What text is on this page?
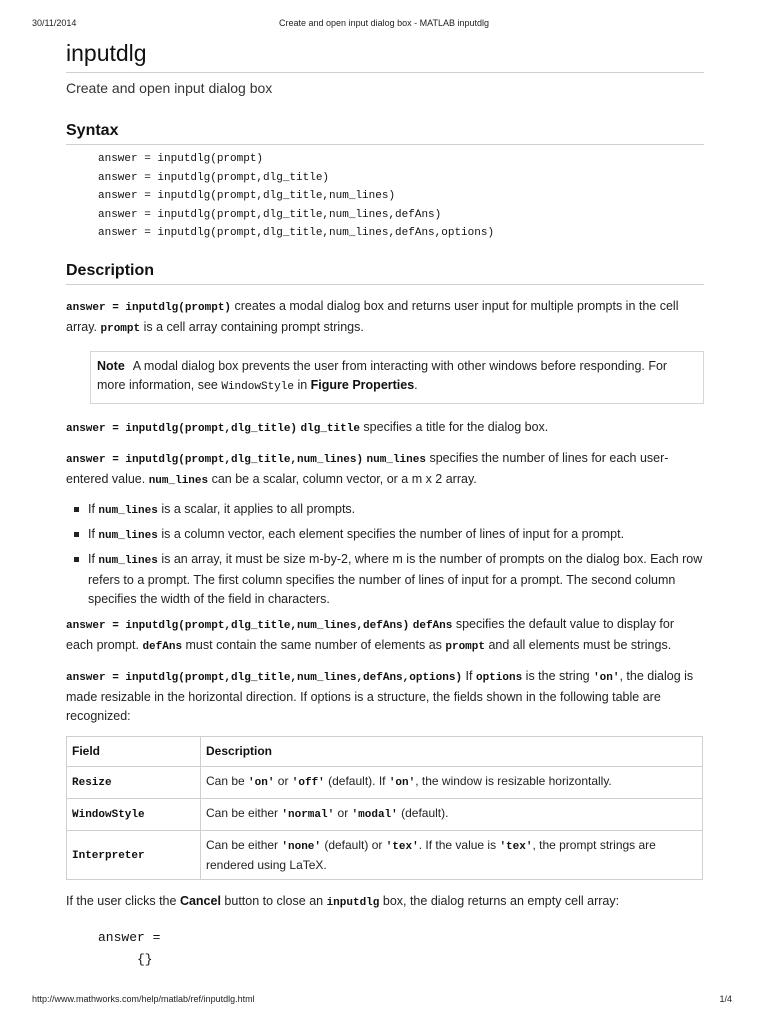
30/11/2014	Create and open input dialog box - MATLAB inputdlg
inputdlg
Create and open input dialog box
Syntax
answer = inputdlg(prompt)
answer = inputdlg(prompt,dlg_title)
answer = inputdlg(prompt,dlg_title,num_lines)
answer = inputdlg(prompt,dlg_title,num_lines,defAns)
answer = inputdlg(prompt,dlg_title,num_lines,defAns,options)
Description

answer = inputdlg(prompt) creates a modal dialog box and returns user input for multiple prompts in the cell array. prompt is a cell array containing prompt strings.

Note A modal dialog box prevents the user from interacting with other windows before responding. For more information, see WindowStyle in Figure Properties.

answer = inputdlg(prompt,dlg_title) dlg_title specifies a title for the dialog box.

answer = inputdlg(prompt,dlg_title,num_lines) num_lines specifies the number of lines for each user-entered value. num_lines can be a scalar, column vector, or a m x 2 array.

If num_lines is a scalar, it applies to all prompts.
If num_lines is a column vector, each element specifies the number of lines of input for a prompt.
If num_lines is an array, it must be size m-by-2, where m is the number of prompts on the dialog box. Each row refers to a prompt. The first column specifies the number of lines of input for a prompt. The second column specifies the width of the field in characters.

answer = inputdlg(prompt,dlg_title,num_lines,defAns) defAns specifies the default value to display for each prompt. defAns must contain the same number of elements as prompt and all elements must be strings.

answer = inputdlg(prompt,dlg_title,num_lines,defAns,options) If options is the string 'on', the dialog is made resizable in the horizontal direction. If options is a structure, the fields shown in the following table are recognized:

Field	Description
Resize	Can be 'on' or 'off' (default). If 'on', the window is resizable horizontally.
WindowStyle	Can be either 'normal' or 'modal' (default).
Interpreter	Can be either 'none' (default) or 'tex'. If the value is 'tex', the prompt strings are rendered using LaTeX.

If the user clicks the Cancel button to close an inputdlg box, the dialog returns an empty cell array:

answer =
{}
http://www.mathworks.com/help/matlab/ref/inputdlg.html	1/4
